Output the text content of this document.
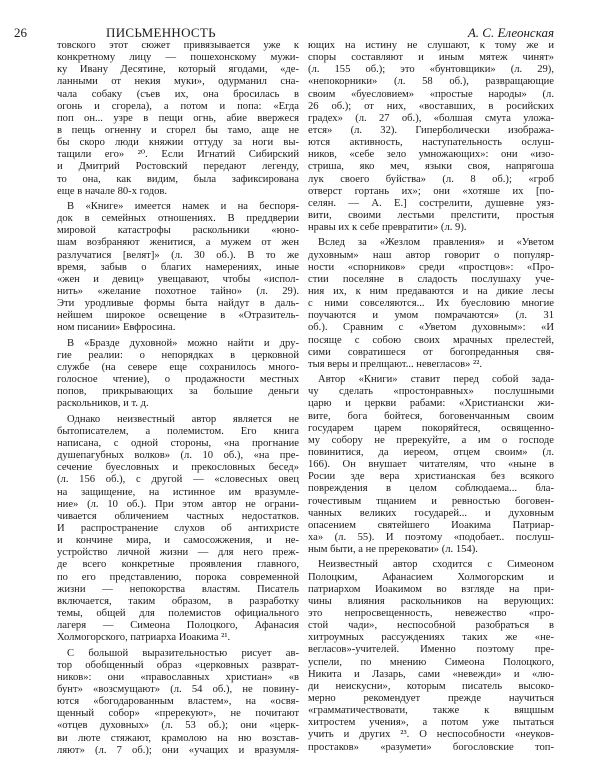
26	ПИСЬМЕННОСТЬ	А. С. Елеонская
товского этот сюжет привязывается уже к
конкретному лицу — пошехонскому мужи-
ку Ивану Десятине, который ягодами, «де-
ланными от некия муки», одурманил сна-
чала собаку (съев их, она бросилась в
огонь и сгорела), а потом и попа: «Егда
поп он... узре в пещи огнь, абие ввержеся
в пещь огненну и сгорел бы тамо, аще не
бы скоро люди княжии оттуду за ноги вы-
тащили его» ²⁰. Если Игнатий Сибирский
и Дмитрий Ростовский передают легенду,
то она, как видим, была зафиксирована
еще в начале 80-х годов.
В «Книге» имеется намек и на беспоря-
док в семейных отношениях. В преддверии
мировой катастрофы раскольники «юно-
шам возбраняют женитися, а мужем от жен
разлучатися [велят]» (л. 30 об.). В то же
время, забыв о благих намерениях, иные
«жен и девиц» увещавают, чтобы «испол-
нить» «желание похотное тайно» (л. 29).
Эти уродливые формы быта найдут в даль-
нейшем широкое освещение в «Отразитель-
ном писании» Евфросина.
В «Бразде духовной» можно найти и дру-
гие реалии: о непорядках в церковной
службе (на севере еще сохранилось много-
голосное чтение), о продажности местных
попов, прикрывающих за большие деньги
раскольников, и т. д.
Однако неизвестный автор является не
бытописателем, а полемистом. Его книга
написана, с одной стороны, «на прогнание
душепагубных волков» (л. 10 об.), «на пре-
сечение буесловных и прекословных бесед»
(л. 156 об.), с другой — «словесных овец
на защищение, на истинное им вразумле-
ние» (л. 10 об.). При этом автор не ограни-
чивается обличением частных недостатков.
И распространение слухов об антихристе
и кончине мира, и самосожжения, и не-
устройство личной жизни — для него преж-
де всего конкретные проявления главного,
по его представлению, порока современной
жизни — непокорства властям. Писатель
включается, таким образом, в разработку
темы, общей для полемистов официального
лагеря — Симеона Полоцкого, Афанасия
Холмогорского, патриарха Иоакима ²¹.
С большой выразительностью рисует ав-
тор обобщенный образ «церковных разврат-
ников»: они «православных христиан» «в
бунт» «возсмущают» (л. 54 об.), не повину-
ются «богодарованным властем», на «освя-
щенный собор» «пререкуют», не почитают
«отцев духовных» (л. 53 об.); они «церк-
ви люте стяжают, крамолою на ню возстав-
ляют» (л. 7 об.); они «учащих и вразумля-
ющих на истину не слушают, к тому же и
споры составляют и иным мятеж чинят»
(л. 155 об.); это «бунтовщики» (л. 29),
«непокорники» (л. 58 об.), развращающие
своим «буесловием» «простые народы» (л.
26 об.); от них, «воставших, в росийских
градех» (л. 27 об.), «болшая смута уложа-
ется» (л. 32). Гиперболически изобража-
ются активность, наступательность ослуш-
ников, «себе зело умножающих»: они «изо-
стриша, яко меч, языки своя, напрягоша
лук своего буйства» (л. 8 об.); «гроб
отверст гортань их»; они «хотяше их [по-
селян. — А. Е.] сострелити, душевне уяз-
вити, своими лестьми прелстити, простыя
нравы их к себе превратити» (л. 9).
Вслед за «Жезлом правления» и «Уветом
духовным» наш автор говорит о популяр-
ности «спорников» среди «простцов»: «Про-
стии поселяне в сладость послушаху уче-
ния их, к ним предаваются и на дикие лесы
с ними совселяются... Их буесловию многие
поучаются и умом помрачаются» (л. 31
об.). Сравним с «Уветом духовным»: «И
посяще с собою своих мрачных прелестей,
сими совратишеся от богопреданныя свя-
тыя веры и прелщают... невегласов» ²².
Автор «Книги» ставит перед собой зада-
чу сделать «простонравных» послушными
царю и церкви рабами: «Христиански жи-
вите, бога бойтеся, боговенчанным своим
государем царем покоряйтеся, освященно-
му собору не пререкуйте, а им о господе
повинитися, да иереом, отцем своим» (л.
166). Он внушает читателям, что «ныне в
Росии зде вера христианская без всякого
повреждения в целом соблюдаема... бла-
гочестивым тщанием и ревностью боговен-
чанных великих государей... и духовным
опасением святейшего Иоакима Патриар-
ха» (л. 55). И поэтому «подобает.. послуш-
ным быти, а не пререковати» (л. 154).
Неизвестный автор сходится с Симеоном
Полоцким, Афанасием Холмогорским и
патриархом Иоакимом во взгляде на при-
чины влияния раскольников на верующих:
это непросвещенность, невежество «про-
стой чади», неспособной разобраться в
хитроумных рассуждениях таких же «не-
вегласов»-учителей. Именно поэтому пре-
успели, по мнению Симеона Полоцкого,
Никита и Лазарь, сами «невежди» и «лю-
ди неискусни», которым писатель высоко-
мерно рекомендует прежде научиться
«грамматичествовати, также к вящшым
хитростем учения», а потом уже пытаться
учить и других ²³. О неспособности «неуков-
простаков» «разумети» богословские топ-
